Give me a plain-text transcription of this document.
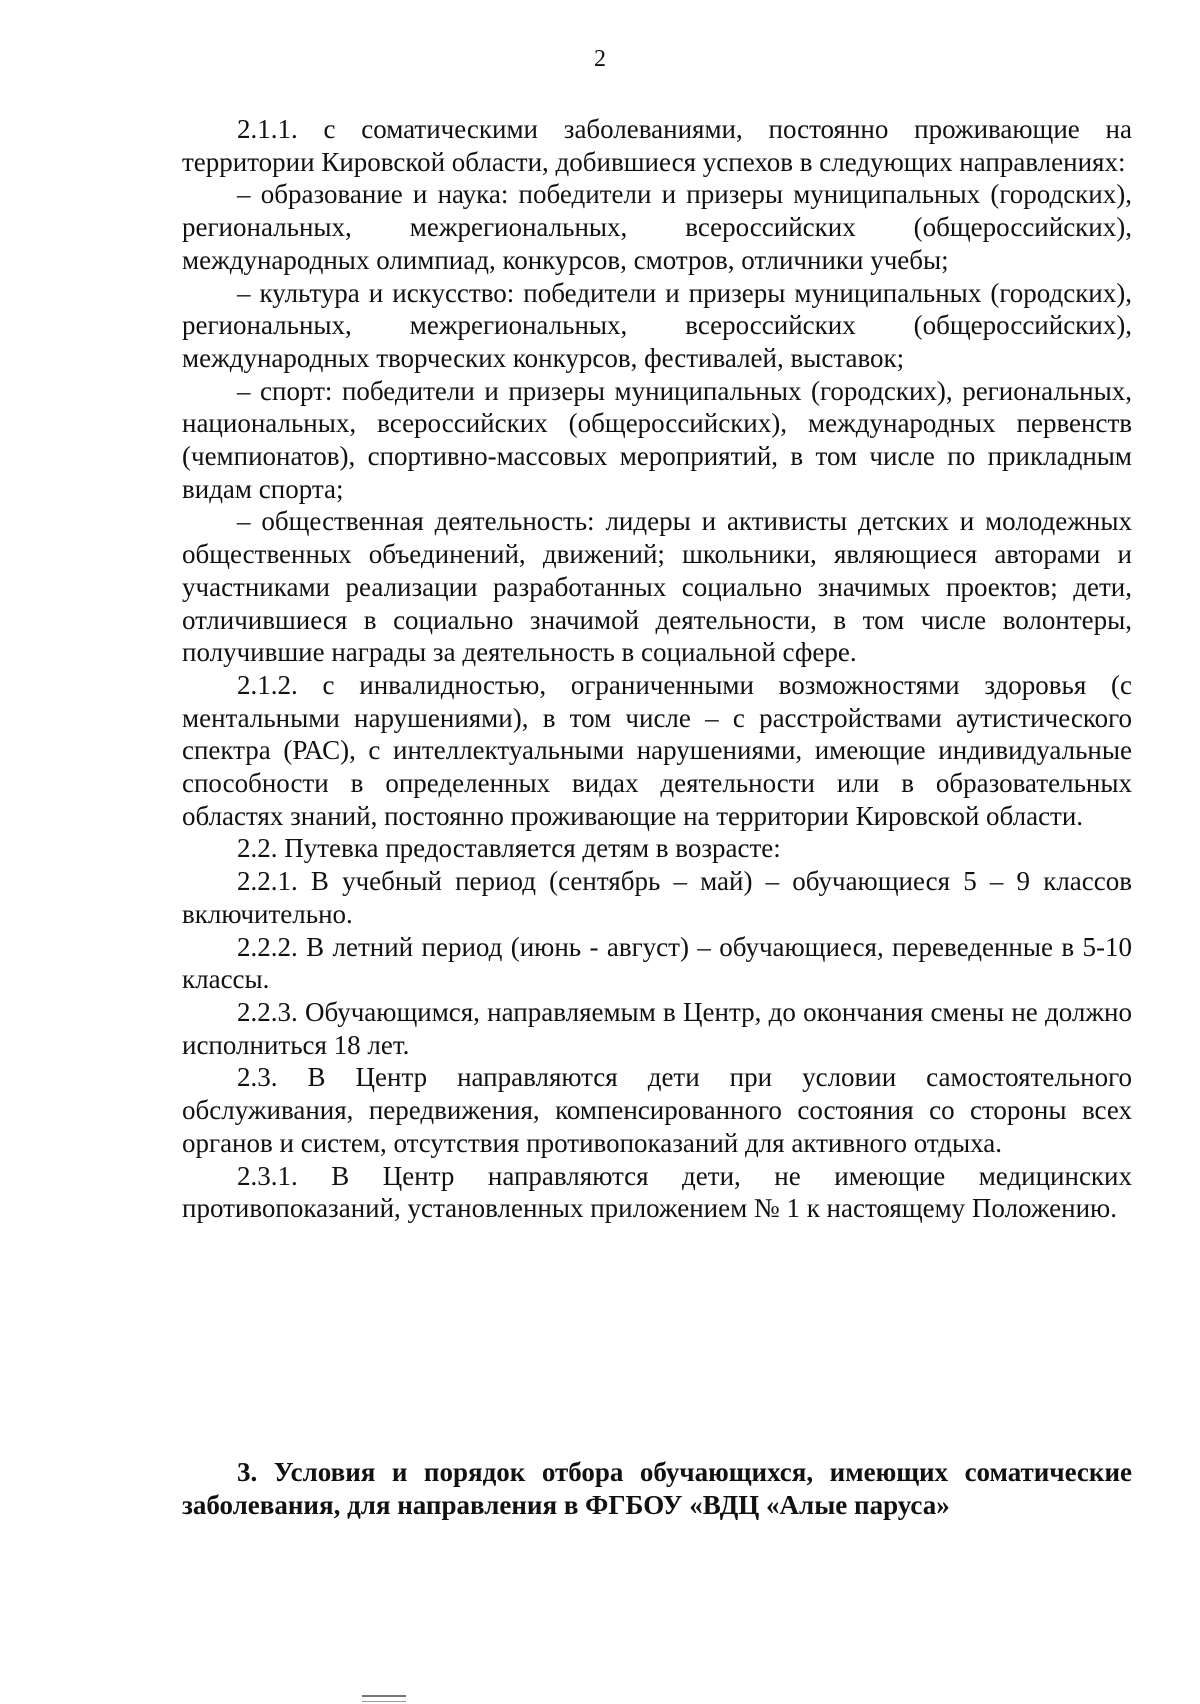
2

2.1.1. с соматическими заболеваниями, постоянно проживающие на территории Кировской области, добившиеся успехов в следующих направлениях:

– образование и наука: победители и призеры муниципальных (городских), региональных, межрегиональных, всероссийских (общероссийских), международных олимпиад, конкурсов, смотров, отличники учебы;

– культура и искусство: победители и призеры муниципальных (городских), региональных, межрегиональных, всероссийских (общероссийских), международных творческих конкурсов, фестивалей, выставок;

– спорт: победители и призеры муниципальных (городских), региональных, национальных, всероссийских (общероссийских), международных первенств (чемпионатов), спортивно-массовых мероприятий, в том числе по прикладным видам спорта;

– общественная деятельность: лидеры и активисты детских и молодежных общественных объединений, движений; школьники, являющиеся авторами и участниками реализации разработанных социально значимых проектов; дети, отличившиеся в социально значимой деятельности, в том числе волонтеры, получившие награды за деятельность в социальной сфере.

2.1.2. с инвалидностью, ограниченными возможностями здоровья (с ментальными нарушениями), в том числе – с расстройствами аутистического спектра (РАС), с интеллектуальными нарушениями, имеющие индивидуальные способности в определенных видах деятельности или в образовательных областях знаний, постоянно проживающие на территории Кировской области.

2.2. Путевка предоставляется детям в возрасте:

2.2.1. В учебный период (сентябрь – май) – обучающиеся 5 – 9 классов включительно.

2.2.2. В летний период (июнь - август) – обучающиеся, переведенные в 5-10 классы.

2.2.3. Обучающимся, направляемым в Центр, до окончания смены не должно исполниться 18 лет.

2.3. В Центр направляются дети при условии самостоятельного обслуживания, передвижения, компенсированного состояния со стороны всех органов и систем, отсутствия противопоказаний для активного отдыха.

2.3.1. В Центр направляются дети, не имеющие медицинских противопоказаний, установленных приложением № 1 к настоящему Положению.

3. Условия и порядок отбора обучающихся, имеющих соматические заболевания, для направления в ФГБОУ «ВДЦ «Алые паруса»
